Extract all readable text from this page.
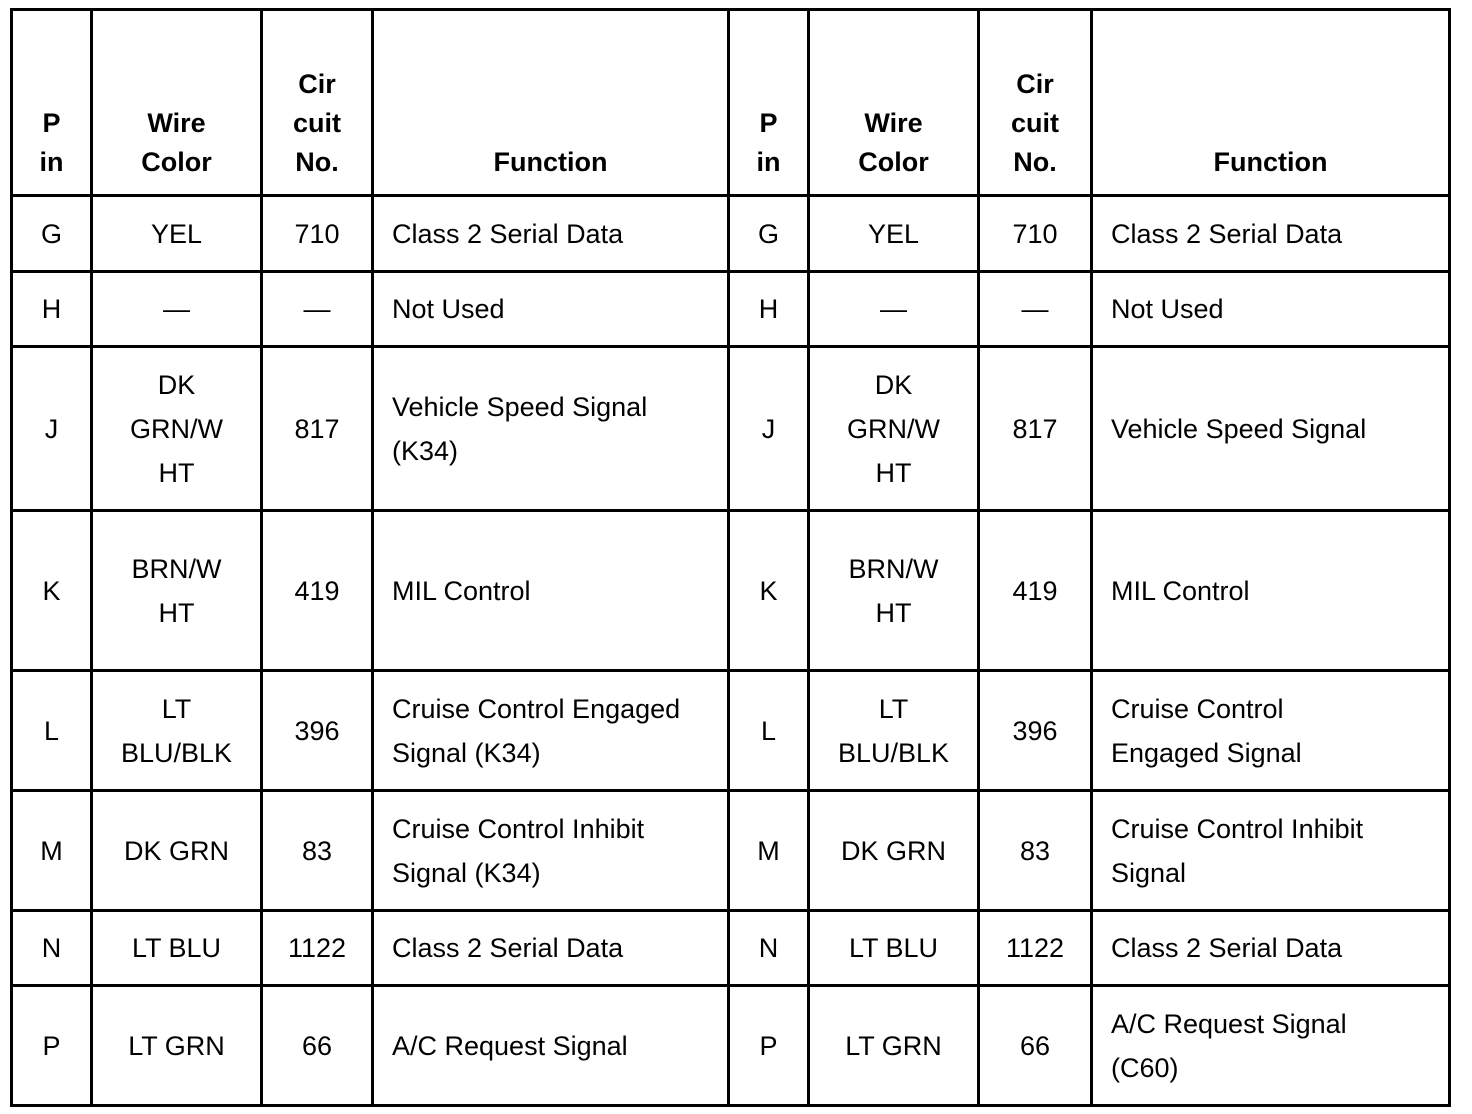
P
in	Wire
Color	Cir
cuit
No.	Function	P
in	Wire
Color	Cir
cuit
No.	Function

G	YEL	710	Class 2 Serial Data	G	YEL	710	Class 2 Serial Data

H	—	—	Not Used	H	—	—	Not Used

J	DK
GRN/W
HT	817	Vehicle Speed Signal
(K34)	J	DK
GRN/W
HT	817	Vehicle Speed Signal

K	BRN/W
HT	419	MIL Control	K	BRN/W
HT	419	MIL Control

L	LT
BLU/BLK	396	Cruise Control Engaged
Signal (K34)	L	LT
BLU/BLK	396	Cruise Control
Engaged Signal

M	DK GRN	83	Cruise Control Inhibit
Signal (K34)	M	DK GRN	83	Cruise Control Inhibit
Signal

N	LT BLU	1122	Class 2 Serial Data	N	LT BLU	1122	Class 2 Serial Data

P	LT GRN	66	A/C Request Signal	P	LT GRN	66	A/C Request Signal
(C60)
